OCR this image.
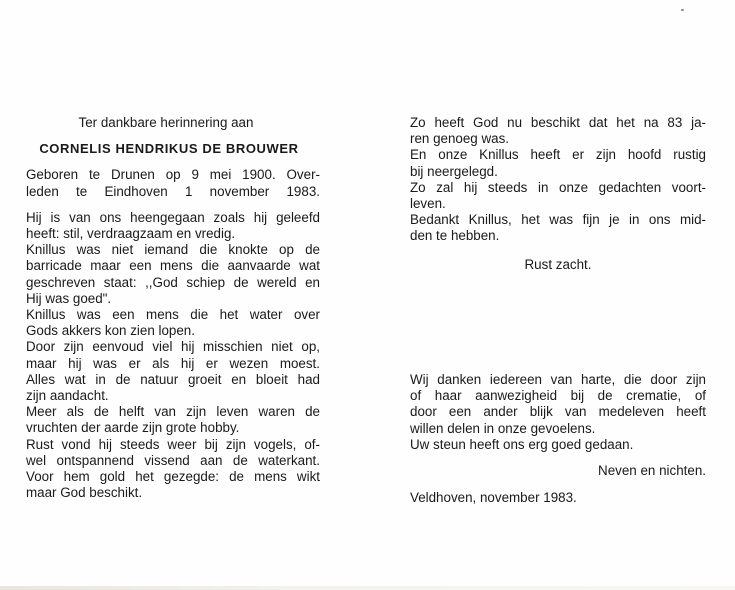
Ter dankbare herinnering aan
CORNELIS HENDRIKUS DE BROUWER
Geboren te Drunen op 9 mei 1900. Over-
leden te Eindhoven 1 november 1983.
Hij is van ons heengegaan zoals hij geleefd
heeft: stil, verdraagzaam en vredig.
Knillus was niet iemand die knokte op de
barricade maar een mens die aanvaarde wat
geschreven staat: ,,God schiep de wereld en
Hij was goed".
Knillus was een mens die het water over
Gods akkers kon zien lopen.
Door zijn eenvoud viel hij misschien niet op,
maar hij was er als hij er wezen moest.
Alles wat in de natuur groeit en bloeit had
zijn aandacht.
Meer als de helft van zijn leven waren de
vruchten der aarde zijn grote hobby.
Rust vond hij steeds weer bij zijn vogels, of-
wel ontspannend vissend aan de waterkant.
Voor hem gold het gezegde: de mens wikt
maar God beschikt.
Zo heeft God nu beschikt dat het na 83 ja-
ren genoeg was.
En onze Knillus heeft er zijn hoofd rustig
bij neergelegd.
Zo zal hij steeds in onze gedachten voort-
leven.
Bedankt Knillus, het was fijn je in ons mid-
den te hebben.
Rust zacht.
Wij danken iedereen van harte, die door zijn
of haar aanwezigheid bij de crematie, of
door een ander blijk van medeleven heeft
willen delen in onze gevoelens.
Uw steun heeft ons erg goed gedaan.
Neven en nichten.
Veldhoven, november 1983.
